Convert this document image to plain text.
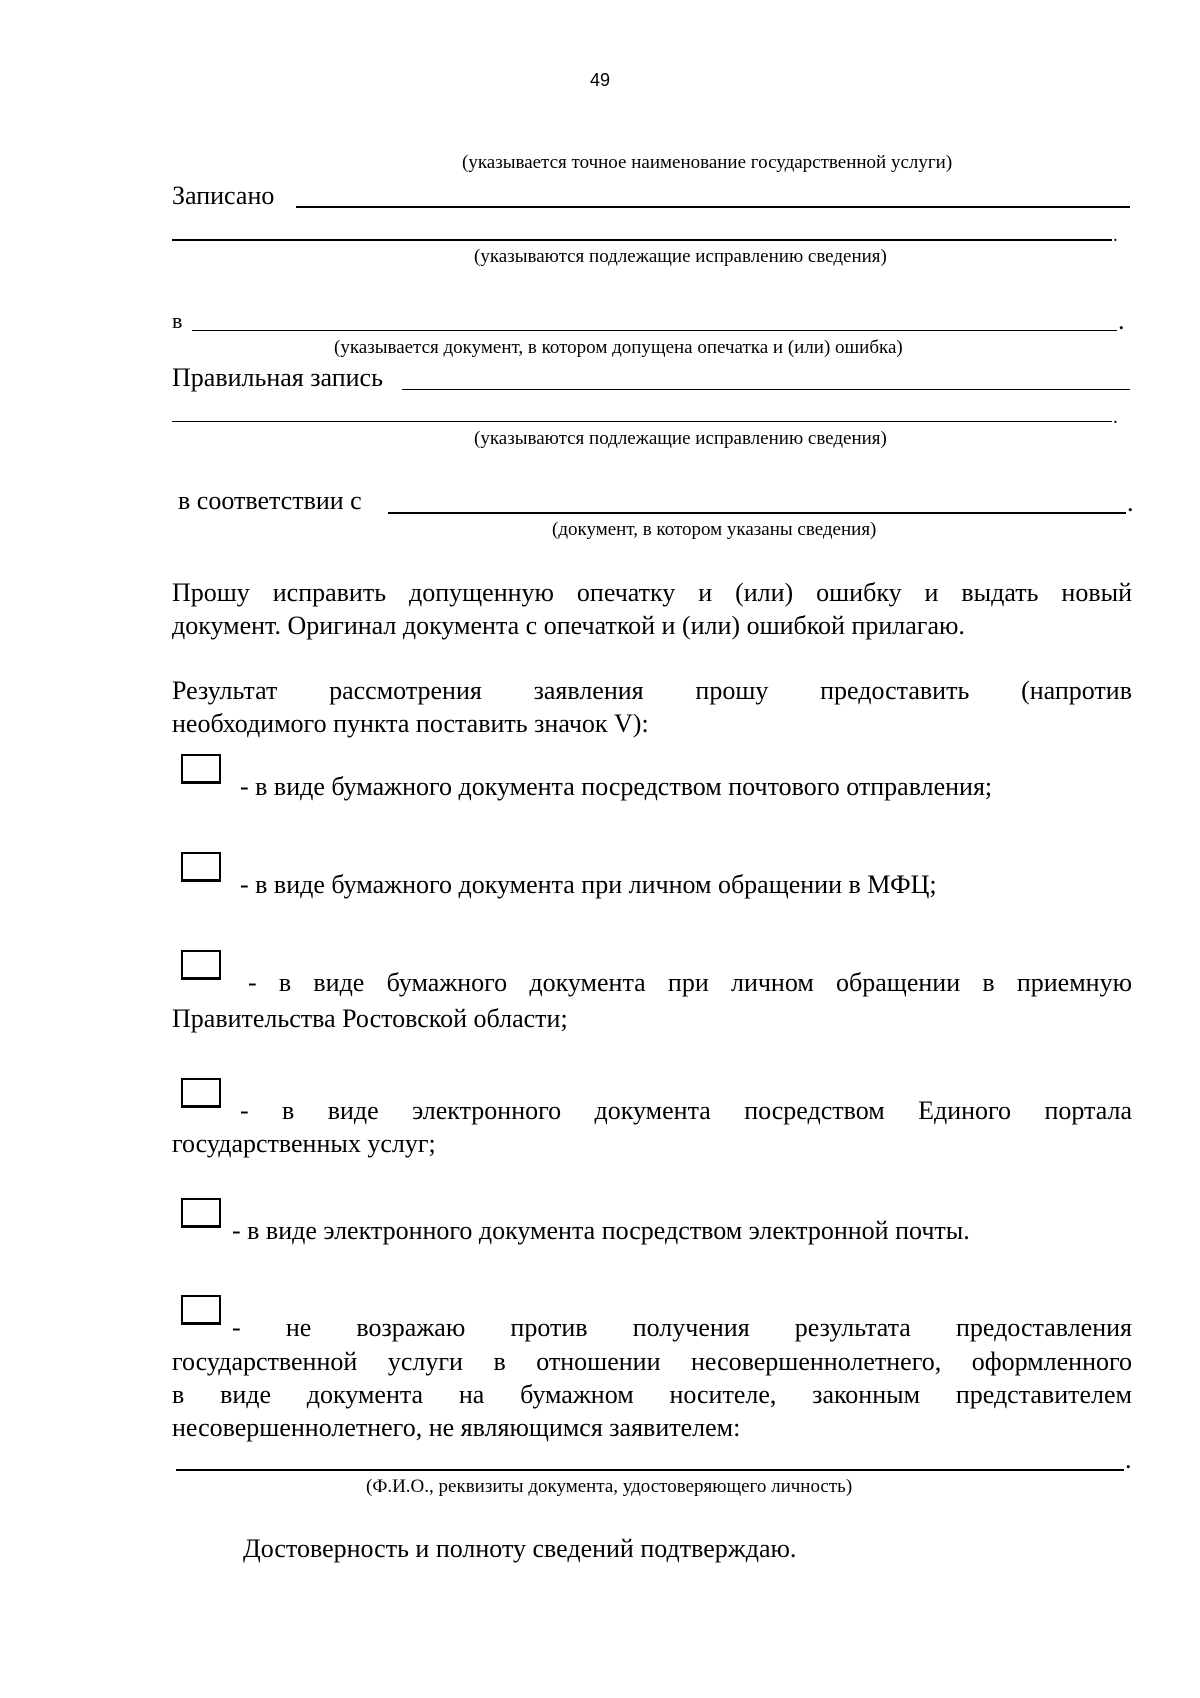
49
(указывается точное наименование государственной услуги)
Записано
.
(указываются подлежащие исправлению сведения)
в	.
(указывается документ, в котором допущена опечатка и (или) ошибка)
Правильная запись
.
(указываются подлежащие исправлению сведения)
в соответствии с	.
(документ, в котором указаны сведения)
Прошу исправить допущенную опечатку и (или) ошибку и выдать новый
документ. Оригинал документа с опечаткой и (или) ошибкой прилагаю.
Результат рассмотрения заявления прошу предоставить (напротив
необходимого пункта поставить значок V):
- в виде бумажного документа посредством почтового отправления;
- в виде бумажного документа при личном обращении в МФЦ;
- в виде бумажного документа при личном обращении в приемную
Правительства Ростовской области;
- в виде электронного документа посредством Единого портала
государственных услуг;
- в виде электронного документа посредством электронной почты.
- не возражаю против получения результата предоставления
государственной услуги в отношении несовершеннолетнего, оформленного
в виде документа на бумажном носителе, законным представителем
несовершеннолетнего, не являющимся заявителем:
.
(Ф.И.О., реквизиты документа, удостоверяющего личность)
Достоверность и полноту сведений подтверждаю.
